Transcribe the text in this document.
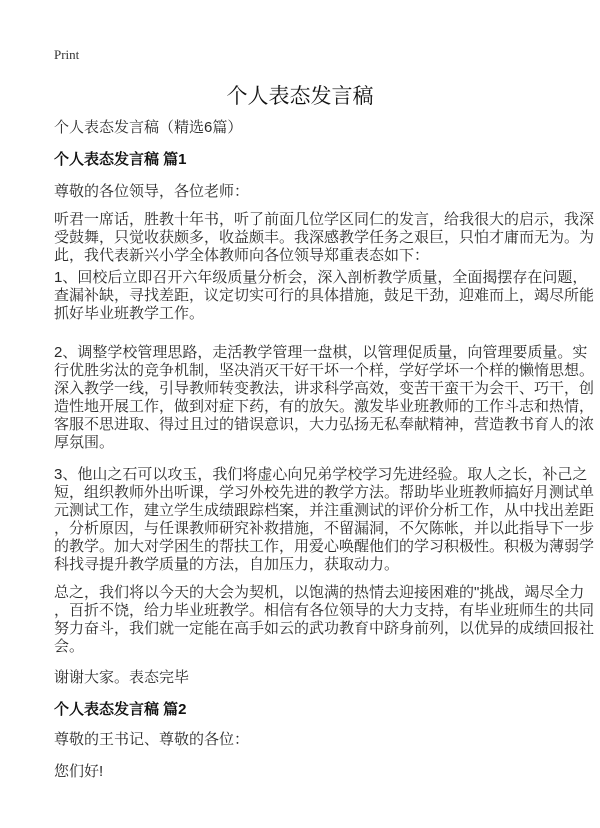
Print
个人表态发言稿
个人表态发言稿（精选6篇）
个人表态发言稿 篇1
尊敬的各位领导，各位老师：
听君一席话，胜教十年书，听了前面几位学区同仁的发言，给我很大的启示，我深
受鼓舞，只觉收获颇多，收益颇丰。我深感教学任务之艰巨，只怕才庸而无为。为
此，我代表新兴小学全体教师向各位领导郑重表态如下：
1、回校后立即召开六年级质量分析会，深入剖析教学质量，全面揭摆存在问题，
查漏补缺，寻找差距，议定切实可行的具体措施，鼓足干劲，迎难而上，竭尽所能
抓好毕业班教学工作。
2、调整学校管理思路，走活教学管理一盘棋，以管理促质量，向管理要质量。实
行优胜劣汰的竞争机制，坚决消灭干好干坏一个样，学好学坏一个样的懒惰思想。
深入教学一线，引导教师转变教法，讲求科学高效，变苦干蛮干为会干、巧干，创
造性地开展工作，做到对症下药，有的放矢。激发毕业班教师的工作斗志和热情，
客服不思进取、得过且过的错误意识，大力弘扬无私奉献精神，营造教书育人的浓
厚氛围。
3、他山之石可以攻玉，我们将虚心向兄弟学校学习先进经验。取人之长，补己之
短，组织教师外出听课，学习外校先进的教学方法。帮助毕业班教师搞好月测试单
元测试工作，建立学生成绩跟踪档案，并注重测试的评价分析工作，从中找出差距
，分析原因，与任课教师研究补救措施，不留漏洞，不欠陈帐，并以此指导下一步
的教学。加大对学困生的帮扶工作，用爱心唤醒他们的学习积极性。积极为薄弱学
科找寻提升教学质量的方法，自加压力，获取动力。
总之，我们将以今天的大会为契机，以饱满的热情去迎接困难的"挑战，竭尽全力
，百折不饶，给力毕业班教学。相信有各位领导的大力支持，有毕业班师生的共同
努力奋斗，我们就一定能在高手如云的武功教育中跻身前列，以优异的成绩回报社
会。
谢谢大家。表态完毕
个人表态发言稿 篇2
尊敬的王书记、尊敬的各位：
您们好!
